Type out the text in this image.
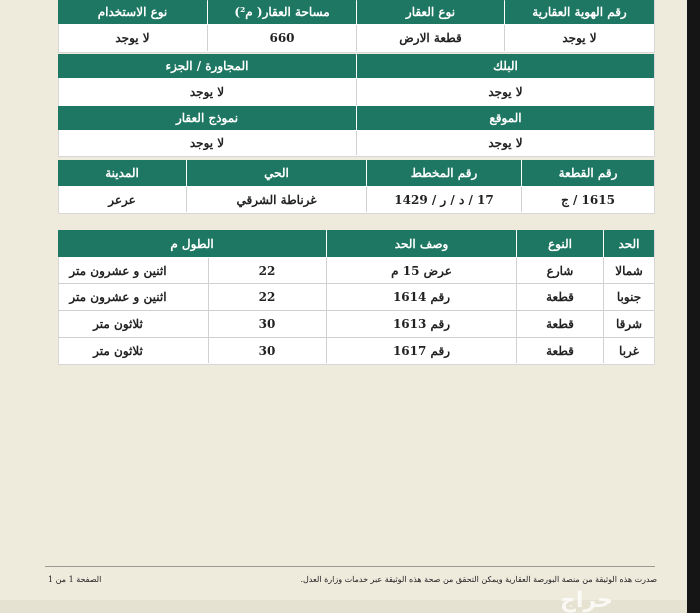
رقم الهوية العقارية
نوع العقار
مساحة العقار( م²)
نوع الاستخدام
لا يوجد
قطعة الارض
660
لا يوجد
البلك
المجاورة / الجزء
لا يوجد
لا يوجد
الموقع
نموذج العقار
لا يوجد
لا يوجد
رقم القطعة
رقم المخطط
الحي
المدينة
1615 / ج
17 / د / ر / 1429
غرناطة الشرقي
عرعر
الحد
النوع
وصف الحد
الطول م
شمالا
شارع
عرض 15 م
22
اثنين و عشرون متر
جنوبا
قطعة
رقم 1614
22
اثنين و عشرون متر
شرقا
قطعة
رقم 1613
30
ثلاثون متر
غربا
قطعة
رقم 1617
30
ثلاثون متر
صدرت هذه الوثيقة من منصة البورصة العقارية ويمكن التحقق من صحة هذه الوثيقة عبر خدمات وزارة العدل.
الصفحة 1 من 1
حراج
